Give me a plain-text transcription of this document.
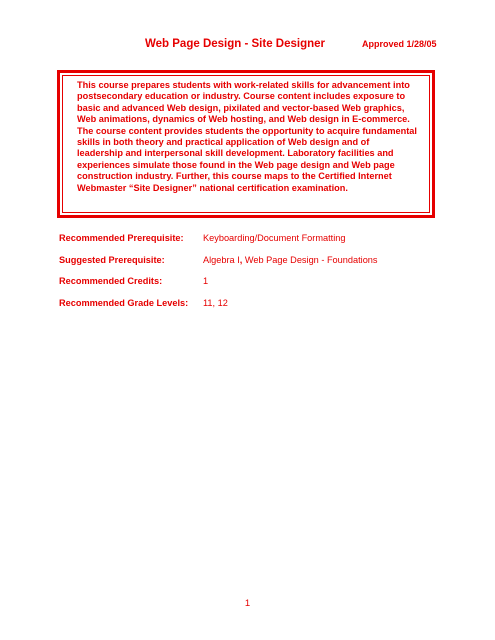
Web Page Design - Site Designer	Approved 1/28/05

This course prepares students with work-related skills for advancement into postsecondary education or industry. Course content includes exposure to basic and advanced Web design, pixilated and vector-based Web graphics, Web animations, dynamics of Web hosting, and Web design in E-commerce. The course content provides students the opportunity to acquire fundamental skills in both theory and practical application of Web design and of leadership and interpersonal skill development. Laboratory facilities and experiences simulate those found in the Web page design and Web page construction industry. Further, this course maps to the Certified Internet Webmaster “Site Designer” national certification examination.

Recommended Prerequisite: Keyboarding/Document Formatting
Suggested Prerequisite:	Algebra I, Web Page Design - Foundations
Recommended Credits:	1
Recommended Grade Levels: 11, 12
1
